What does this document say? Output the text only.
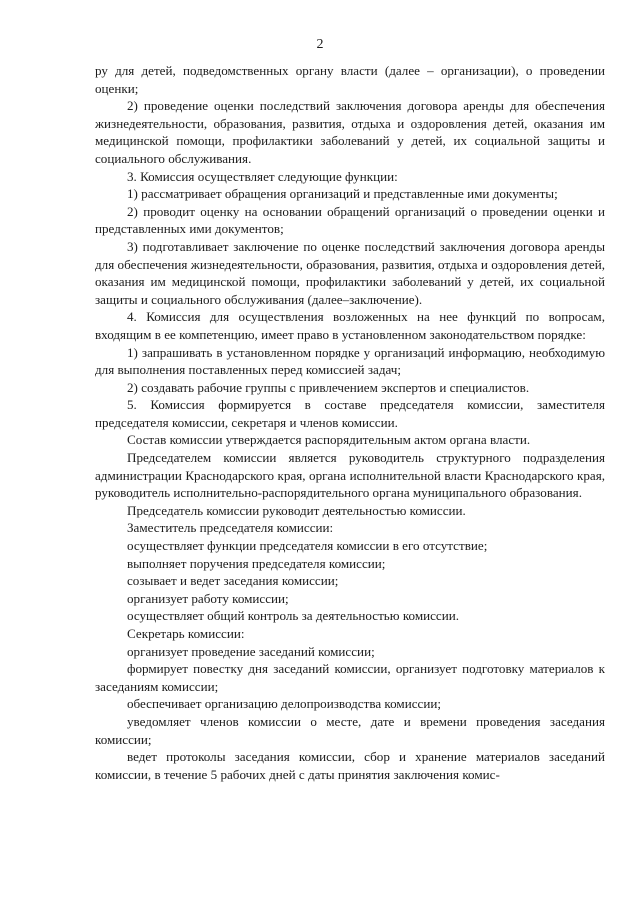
2

ру для детей, подведомственных органу власти (далее – организации), о проведении оценки;

2) проведение оценки последствий заключения договора аренды для обеспечения жизнедеятельности, образования, развития, отдыха и оздоровления детей, оказания им медицинской помощи, профилактики заболеваний у детей, их социальной защиты и социального обслуживания.

3. Комиссия осуществляет следующие функции:

1) рассматривает обращения организаций и представленные ими документы;

2) проводит оценку на основании обращений организаций о проведении оценки и представленных ими документов;

3) подготавливает заключение по оценке последствий заключения договора аренды для обеспечения жизнедеятельности, образования, развития, отдыха и оздоровления детей, оказания им медицинской помощи, профилактики заболеваний у детей, их социальной защиты и социального обслуживания (далее–заключение).

4. Комиссия для осуществления возложенных на нее функций по вопросам, входящим в ее компетенцию, имеет право в установленном законодательством порядке:

1) запрашивать в установленном порядке у организаций информацию, необходимую для выполнения поставленных перед комиссией задач;

2) создавать рабочие группы с привлечением экспертов и специалистов.

5. Комиссия формируется в составе председателя комиссии, заместителя председателя комиссии, секретаря и членов комиссии.

Состав комиссии утверждается распорядительным актом органа власти.

Председателем комиссии является руководитель структурного подразделения администрации Краснодарского края, органа исполнительной власти Краснодарского края, руководитель исполнительно-распорядительного органа муниципального образования.

Председатель комиссии руководит деятельностью комиссии.

Заместитель председателя комиссии:

осуществляет функции председателя комиссии в его отсутствие;

выполняет поручения председателя комиссии;

созывает и ведет заседания комиссии;

организует работу комиссии;

осуществляет общий контроль за деятельностью комиссии.

Секретарь комиссии:

организует проведение заседаний комиссии;

формирует повестку дня заседаний комиссии, организует подготовку материалов к заседаниям комиссии;

обеспечивает организацию делопроизводства комиссии;

уведомляет членов комиссии о месте, дате и времени проведения заседания комиссии;

ведет протоколы заседания комиссии, сбор и хранение материалов заседаний комиссии, в течение 5 рабочих дней с даты принятия заключения комис-
